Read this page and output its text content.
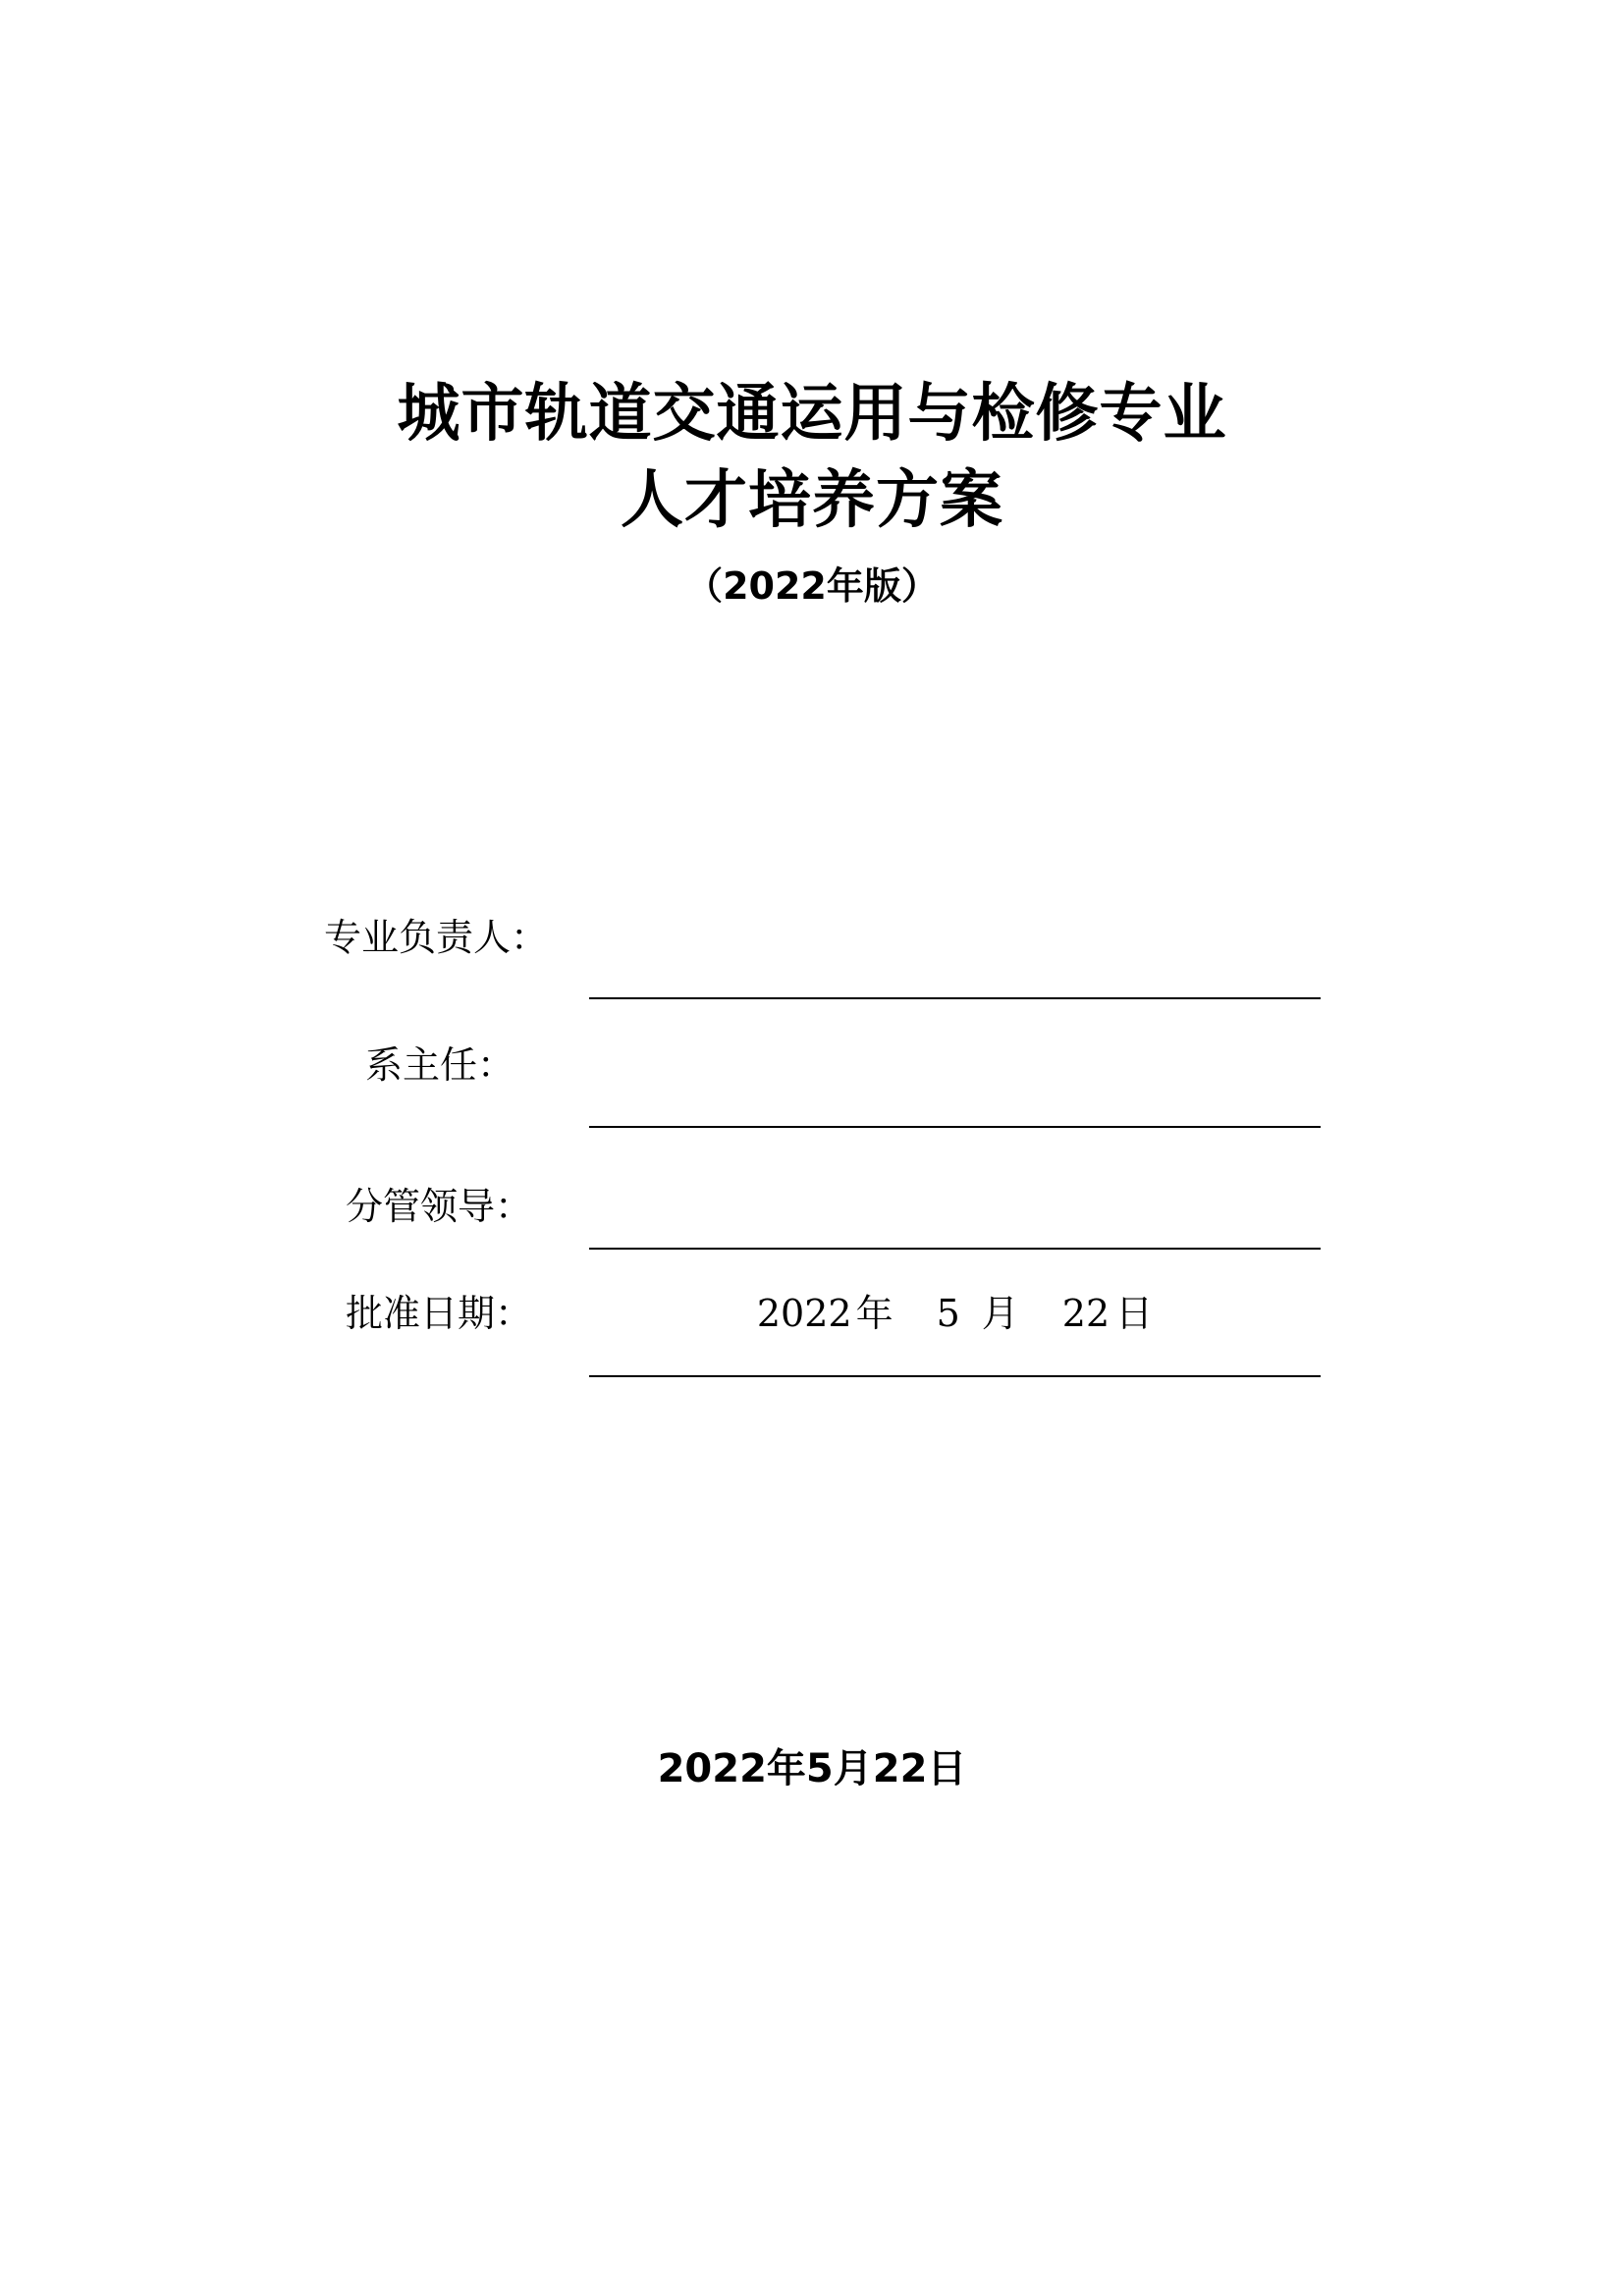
城市轨道交通运用与检修专业
人才培养方案
（2022年版）
专业负责人：
系主任：
分管领导：
批准日期：	2022 年 5 月 22 日
2022年5月22日
